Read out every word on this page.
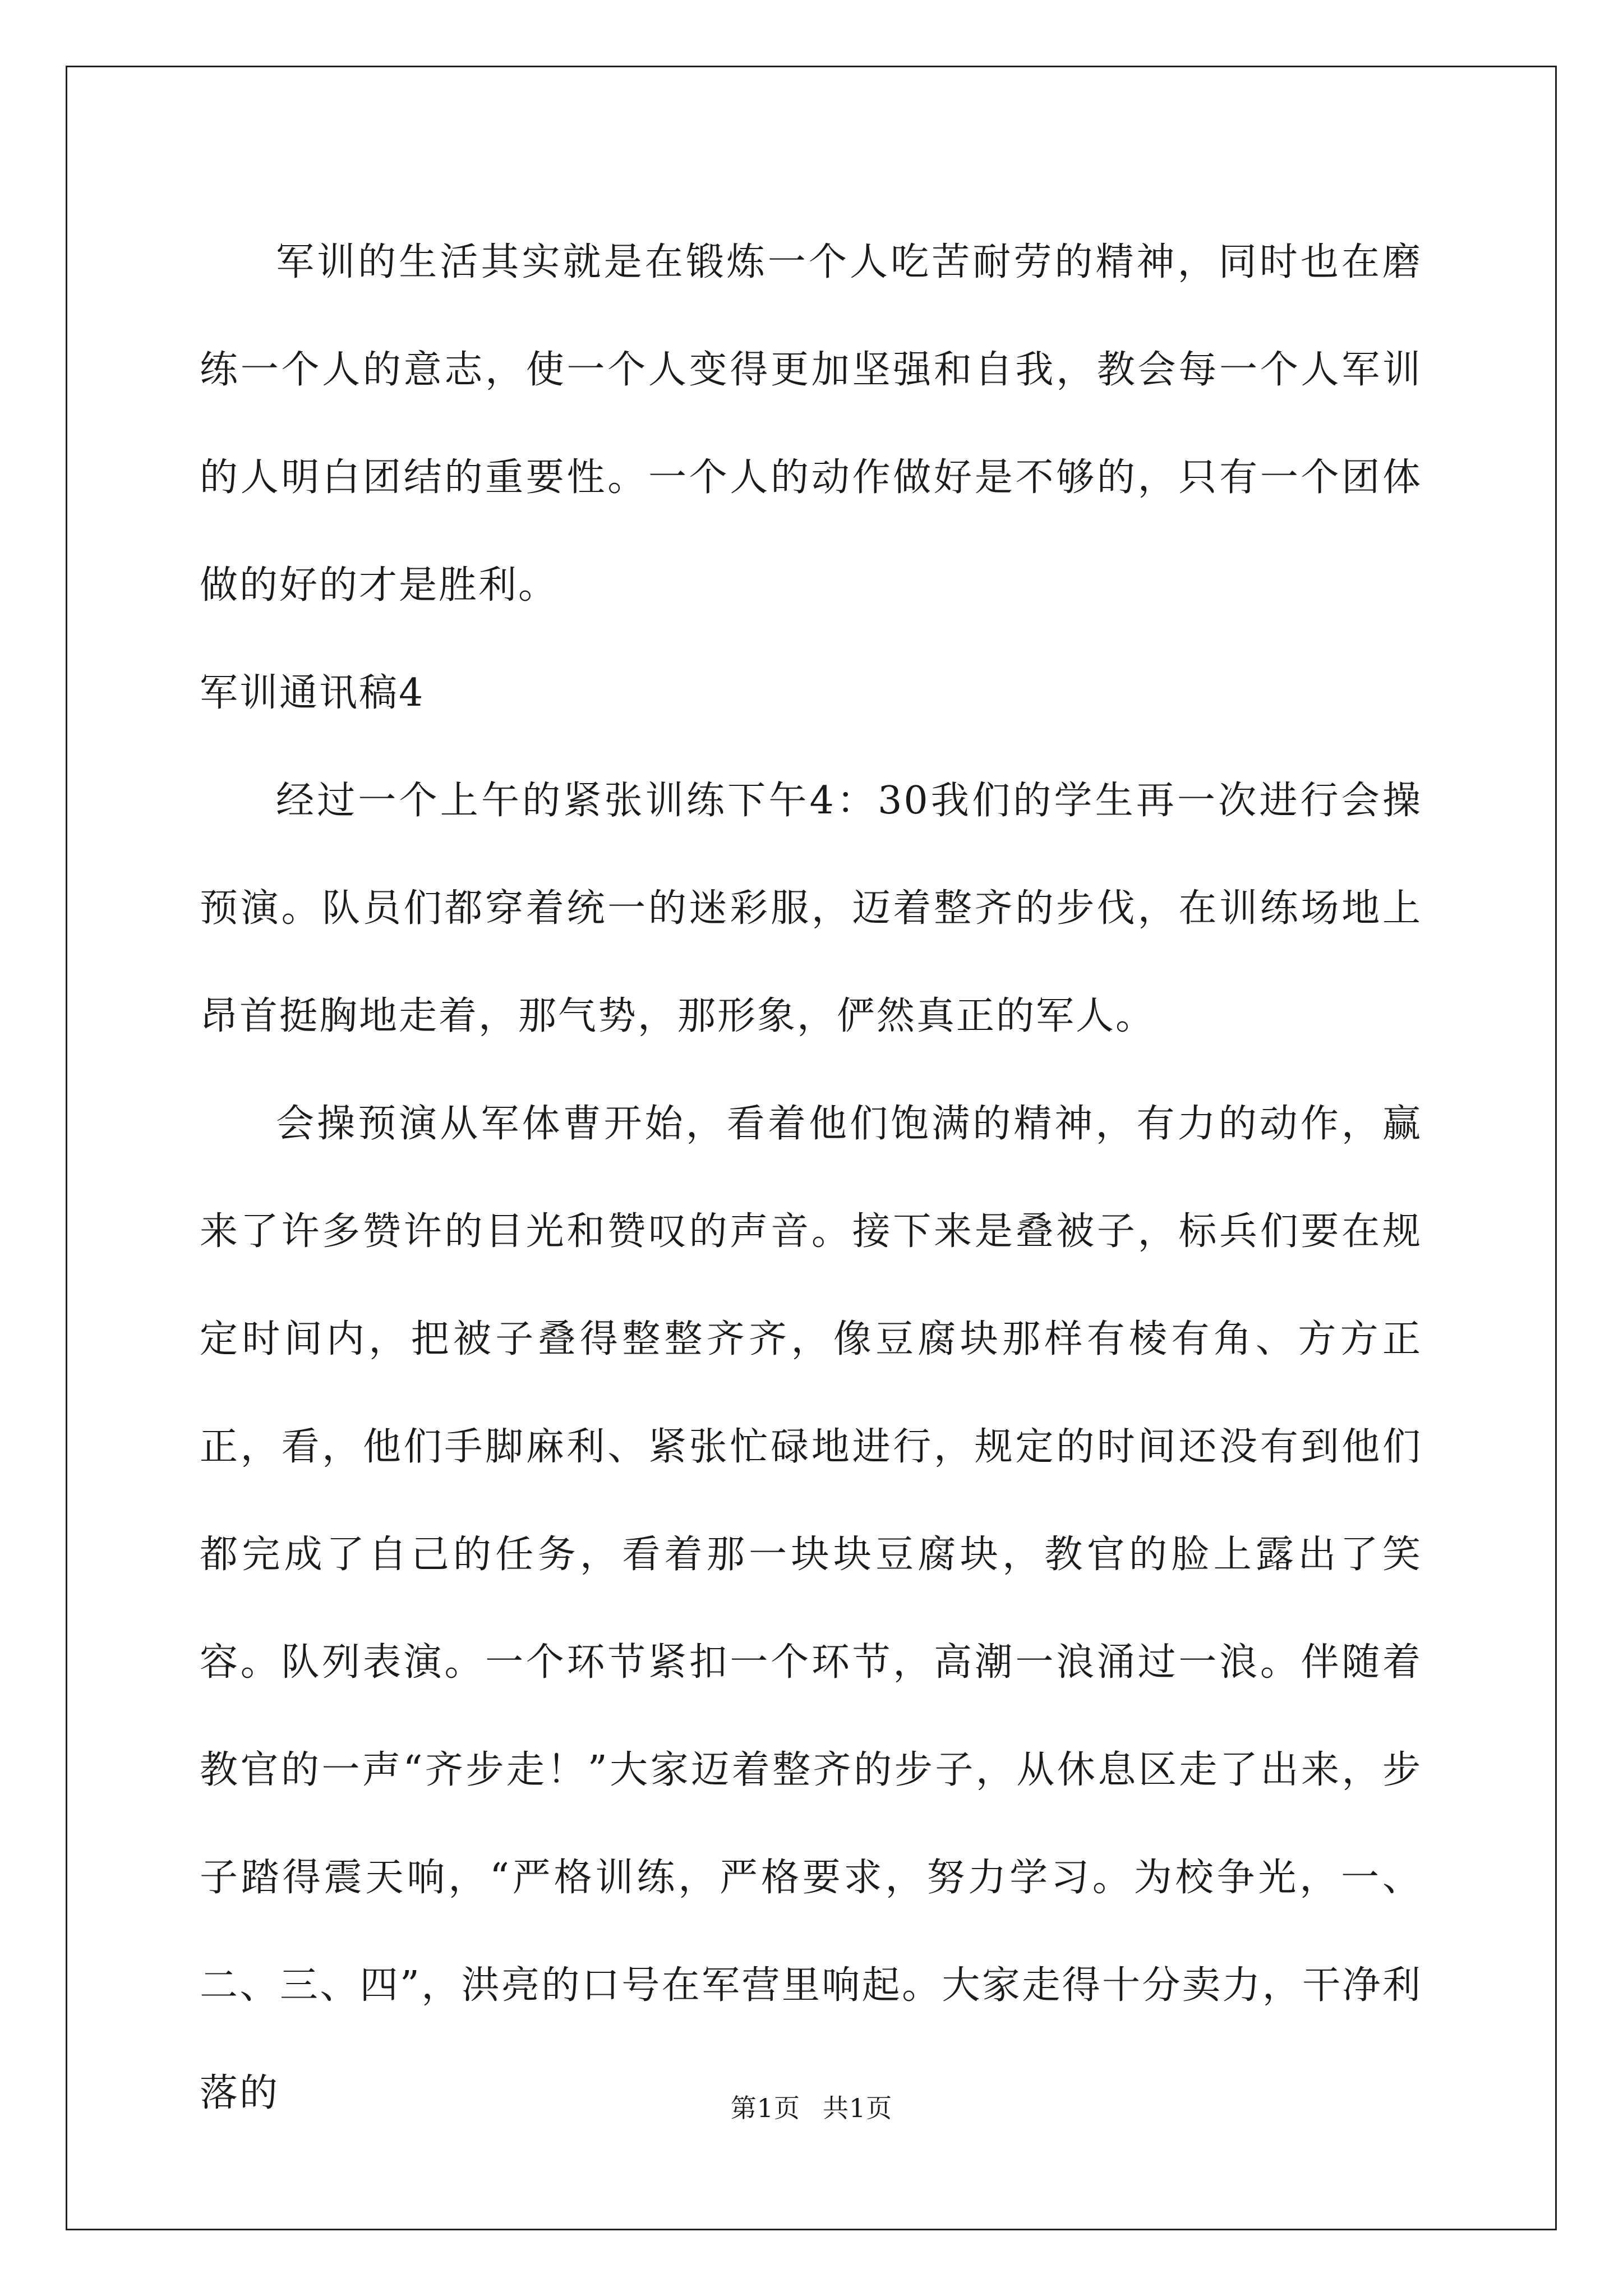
军训的生活其实就是在锻炼一个人吃苦耐劳的精神，同时也在磨练一个人的意志，使一个人变得更加坚强和自我，教会每一个人军训的人明白团结的重要性。一个人的动作做好是不够的，只有一个团体做的好的才是胜利。

军训通讯稿4

经过一个上午的紧张训练下午4：30我们的学生再一次进行会操预演。队员们都穿着统一的迷彩服，迈着整齐的步伐，在训练场地上昂首挺胸地走着，那气势，那形象，俨然真正的军人。

会操预演从军体曹开始，看着他们饱满的精神，有力的动作，赢来了许多赞许的目光和赞叹的声音。接下来是叠被子，标兵们要在规定时间内，把被子叠得整整齐齐，像豆腐块那样有棱有角、方方正正，看，他们手脚麻利、紧张忙碌地进行，规定的时间还没有到他们都完成了自己的任务，看着那一块块豆腐块，教官的脸上露出了笑容。队列表演。一个环节紧扣一个环节，高潮一浪涌过一浪。伴随着教官的一声“齐步走！”大家迈着整齐的步子，从休息区走了出来，步子踏得震天响，“严格训练，严格要求，努力学习。为校争光，一、二、三、四”，洪亮的口号在军营里响起。大家走得十分卖力，干净利落的	第1页 共1页
